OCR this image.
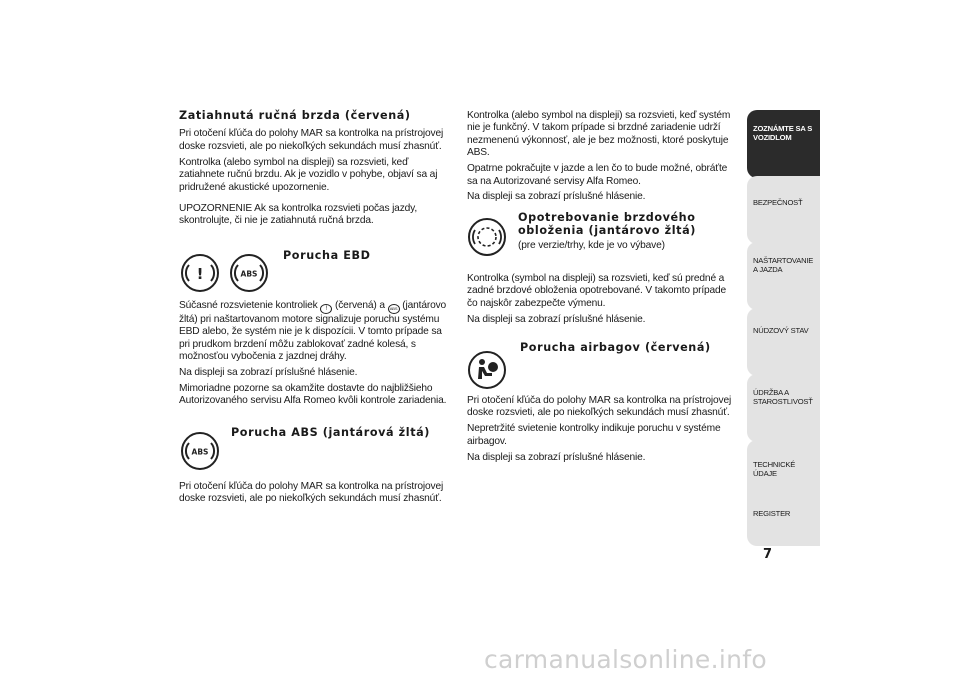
Zatiahnutá ručná brzda (červená)

Pri otočení kľúča do polohy MAR sa kontrolka na prístrojovej doske rozsvieti, ale po niekoľkých sekundách musí zhasnúť.

Kontrolka (alebo symbol na displeji) sa rozsvieti, keď zatiahnete ručnú brzdu. Ak je vozidlo v pohybe, objaví sa aj pridružené akustické upozornenie.

UPOZORNENIE Ak sa kontrolka rozsvieti počas jazdy, skontrolujte, či nie je zatiahnutá ručná brzda.

Porucha EBD
!	ABS

Súčasné rozsvietenie kontroliek ! (červená) a ABS (jantárovo žltá) pri naštartovanom motore signalizuje poruchu systému EBD alebo, že systém nie je k dispozícii. V tomto prípade sa pri prudkom brzdení môžu zablokovať zadné kolesá, s možnosťou vybočenia z jazdnej dráhy.

Na displeji sa zobrazí príslušné hlásenie.

Mimoriadne pozorne sa okamžite dostavte do najbližšieho Autorizovaného servisu Alfa Romeo kvôli kontrole zariadenia.

Porucha ABS (jantárová žltá)
ABS

Pri otočení kľúča do polohy MAR sa kontrolka na prístrojovej doske rozsvieti, ale po niekoľkých sekundách musí zhasnúť.

Kontrolka (alebo symbol na displeji) sa rozsvieti, keď systém nie je funkčný. V takom prípade si brzdné zariadenie udrží nezmenenú výkonnosť, ale je bez možnosti, ktoré poskytuje ABS.

Opatrne pokračujte v jazde a len čo to bude možné, obráťte sa na Autorizované servisy Alfa Romeo.

Na displeji sa zobrazí príslušné hlásenie.

Opotrebovanie brzdového obloženia (jantárovo žltá)
(pre verzie/trhy, kde je vo výbave)

Kontrolka (symbol na displeji) sa rozsvieti, keď sú predné a zadné brzdové obloženia opotrebované. V takomto prípade čo najskôr zabezpečte výmenu.

Na displeji sa zobrazí príslušné hlásenie.

Porucha airbagov (červená)

Pri otočení kľúča do polohy MAR sa kontrolka na prístrojovej doske rozsvieti, ale po niekoľkých sekundách musí zhasnúť.

Nepretržité svietenie kontrolky indikuje poruchu v systéme airbagov.

Na displeji sa zobrazí príslušné hlásenie.

ZOZNÁMTE SA S VOZIDLOM
BEZPEČNOSŤ
NAŠTARTOVANIE A JAZDA
NÚDZOVÝ STAV
ÚDRŽBA A STAROSTLIVOSŤ
TECHNICKÉ ÚDAJE
REGISTER
7
carmanualsonline.info
